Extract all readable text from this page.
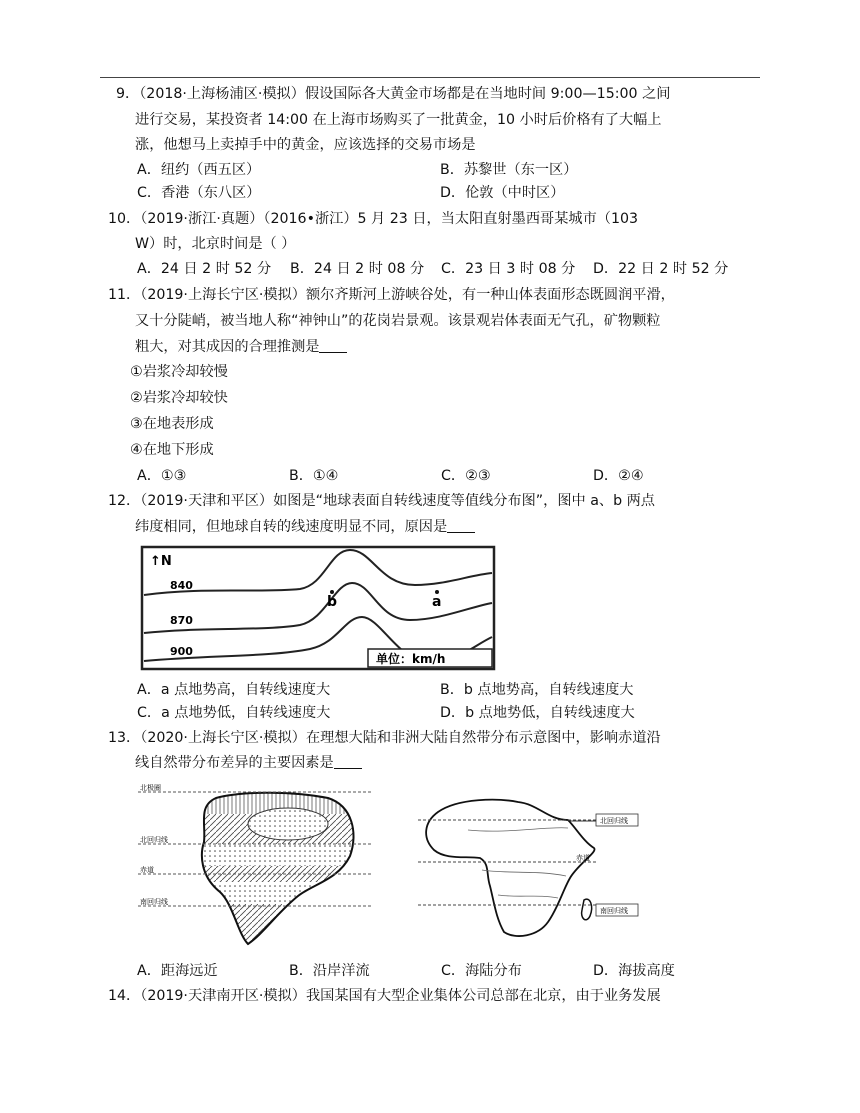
9．（2018·上海杨浦区·模拟）假设国际各大黄金市场都是在当地时间 9:00—15:00 之间
进行交易，某投资者 14:00 在上海市场购买了一批黄金，10 小时后价格有了大幅上
涨，他想马上卖掉手中的黄金，应该选择的交易市场是
A．纽约（西五区）	B．苏黎世（东一区）
C．香港（东八区）	D．伦敦（中时区）
10．（2019·浙江·真题）（2016•浙江）5 月 23 日，当太阳直射墨西哥某城市（103
W）时，北京时间是（ ）
A．24 日 2 时 52 分 B．24 日 2 时 08 分 C．23 日 3 时 08 分 D．22 日 2 时 52 分
11．（2019·上海长宁区·模拟）额尔齐斯河上游峡谷处，有一种山体表面形态既圆润平滑，
又十分陡峭，被当地人称“神钟山”的花岗岩景观。该景观岩体表面无气孔，矿物颗粒
粗大，对其成因的合理推测是
①岩浆冷却较慢
②岩浆冷却较快
③在地表形成
④在地下形成
A．①③	B．①④	C．②③	D．②④
12．（2019·天津和平区）如图是“地球表面自转线速度等值线分布图”，图中 a、b 两点
纬度相同，但地球自转的线速度明显不同，原因是
↑N
840
870
900
b	a
单位：km/h
A．a 点地势高，自转线速度大	B．b 点地势高，自转线速度大
C．a 点地势低，自转线速度大	D．b 点地势低，自转线速度大
13．（2020·上海长宁区·模拟）在理想大陆和非洲大陆自然带分布示意图中，影响赤道沿
线自然带分布差异的主要因素是
北极圈
北回归线
赤道
南回归线
北回归线
赤道
南回归线
A．距海远近	B．沿岸洋流	C．海陆分布	D．海拔高度
14．（2019·天津南开区·模拟）我国某国有大型企业集体公司总部在北京，由于业务发展
